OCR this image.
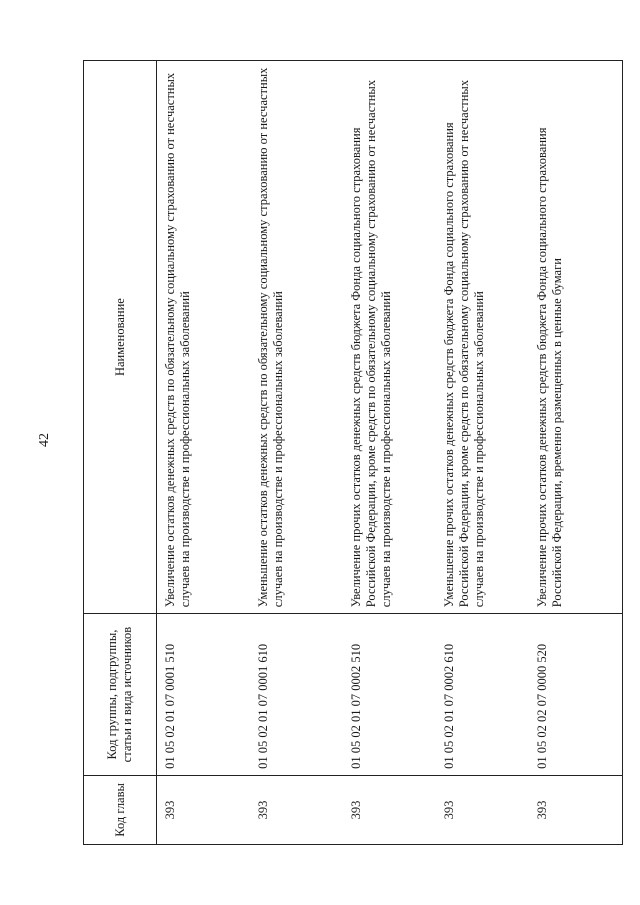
42
Код главы	Код группы, подгруппы, статьи и вида источников	Наименование
393	01 05 02 01 07 0001 510	Увеличение остатков денежных средств по обязательному социальному страхованию от несчастных случаев на производстве и профессиональных заболеваний
393	01 05 02 01 07 0001 610	Уменьшение остатков денежных средств по обязательному социальному страхованию от несчастных случаев на производстве и профессиональных заболеваний
393	01 05 02 01 07 0002 510	Увеличение прочих остатков денежных средств бюджета Фонда социального страхования Российской Федерации, кроме средств по обязательному социальному страхованию от несчастных случаев на производстве и профессиональных заболеваний
393	01 05 02 01 07 0002 610	Уменьшение прочих остатков денежных средств бюджета Фонда социального страхования Российской Федерации, кроме средств по обязательному социальному страхованию от несчастных случаев на производстве и профессиональных заболеваний
393	01 05 02 02 07 0000 520	Увеличение прочих остатков денежных средств бюджета Фонда социального страхования Российской Федерации, временно размещенных в ценные бумаги
